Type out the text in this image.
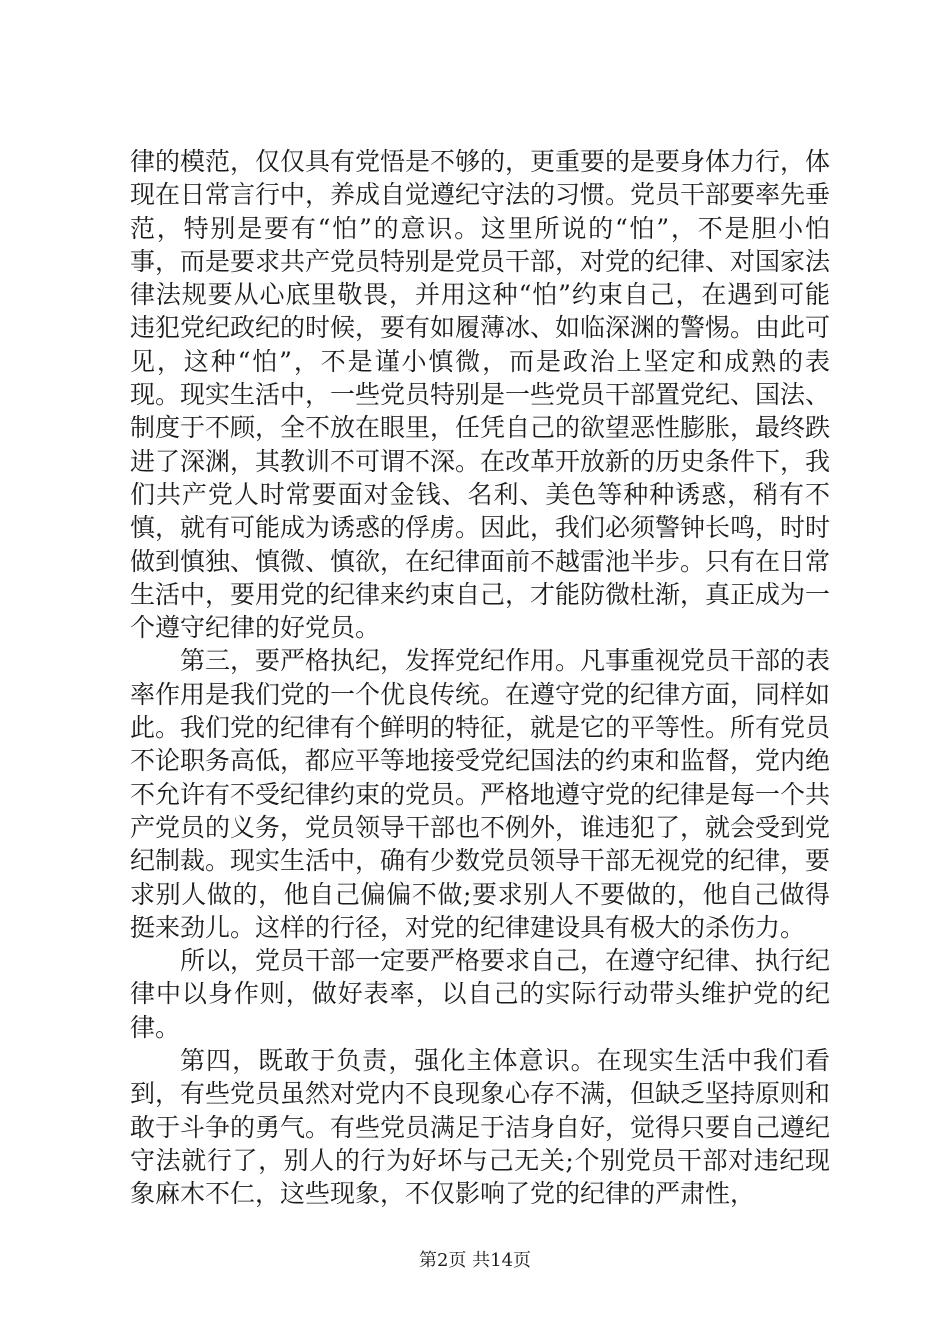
律的模范，仅仅具有党悟是不够的，更重要的是要身体力行，体现在日常言行中，养成自觉遵纪守法的习惯。党员干部要率先垂范，特别是要有“怕”的意识。这里所说的“怕”，不是胆小怕事，而是要求共产党员特别是党员干部，对党的纪律、对国家法律法规要从心底里敬畏，并用这种“怕”约束自己，在遇到可能违犯党纪政纪的时候，要有如履薄冰、如临深渊的警惕。由此可见，这种“怕”，不是谨小慎微，而是政治上坚定和成熟的表现。现实生活中，一些党员特别是一些党员干部置党纪、国法、制度于不顾，全不放在眼里，任凭自己的欲望恶性膨胀，最终跌进了深渊，其教训不可谓不深。在改革开放新的历史条件下，我们共产党人时常要面对金钱、名利、美色等种种诱惑，稍有不慎，就有可能成为诱惑的俘虏。因此，我们必须警钟长鸣，时时做到慎独、慎微、慎欲，在纪律面前不越雷池半步。只有在日常生活中，要用党的纪律来约束自己，才能防微杜渐，真正成为一个遵守纪律的好党员。

第三，要严格执纪，发挥党纪作用。凡事重视党员干部的表率作用是我们党的一个优良传统。在遵守党的纪律方面，同样如此。我们党的纪律有个鲜明的特征，就是它的平等性。所有党员不论职务高低，都应平等地接受党纪国法的约束和监督，党内绝不允许有不受纪律约束的党员。严格地遵守党的纪律是每一个共产党员的义务，党员领导干部也不例外，谁违犯了，就会受到党纪制裁。现实生活中，确有少数党员领导干部无视党的纪律，要求别人做的，他自己偏偏不做;要求别人不要做的，他自己做得挺来劲儿。这样的行径，对党的纪律建设具有极大的杀伤力。

所以，党员干部一定要严格要求自己，在遵守纪律、执行纪律中以身作则，做好表率，以自己的实际行动带头维护党的纪律。

第四，既敢于负责，强化主体意识。在现实生活中我们看到，有些党员虽然对党内不良现象心存不满，但缺乏坚持原则和敢于斗争的勇气。有些党员满足于洁身自好，觉得只要自己遵纪守法就行了，别人的行为好坏与己无关;个别党员干部对违纪现象麻木不仁，这些现象，不仅影响了党的纪律的严肃性，

第2页 共14页
